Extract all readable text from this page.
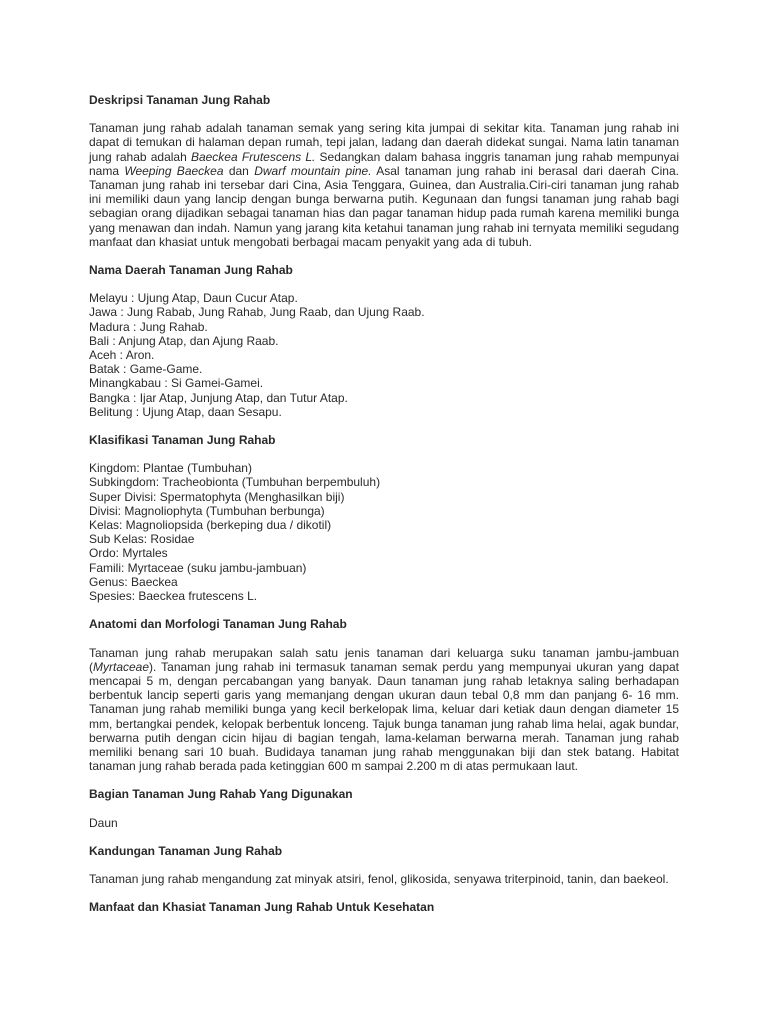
Deskripsi Tanaman Jung Rahab

Tanaman jung rahab adalah tanaman semak yang sering kita jumpai di sekitar kita. Tanaman jung rahab ini dapat di temukan di halaman depan rumah, tepi jalan, ladang dan daerah didekat sungai. Nama latin tanaman jung rahab adalah Baeckea Frutescens L. Sedangkan dalam bahasa inggris tanaman jung rahab mempunyai nama Weeping Baeckea dan Dwarf mountain pine. Asal tanaman jung rahab ini berasal dari daerah Cina. Tanaman jung rahab ini tersebar dari Cina, Asia Tenggara, Guinea, dan Australia.Ciri-ciri tanaman jung rahab ini memiliki daun yang lancip dengan bunga berwarna putih. Kegunaan dan fungsi tanaman jung rahab bagi sebagian orang dijadikan sebagai tanaman hias dan pagar tanaman hidup pada rumah karena memiliki bunga yang menawan dan indah. Namun yang jarang kita ketahui tanaman jung rahab ini ternyata memiliki segudang manfaat dan khasiat untuk mengobati berbagai macam penyakit yang ada di tubuh.

Nama Daerah Tanaman Jung Rahab
Melayu : Ujung Atap, Daun Cucur Atap.
Jawa : Jung Rabab, Jung Rahab, Jung Raab, dan Ujung Raab.
Madura : Jung Rahab.
Bali : Anjung Atap, dan Ajung Raab.
Aceh : Aron.
Batak : Game-Game.
Minangkabau : Si Gamei-Gamei.
Bangka : Ijar Atap, Junjung Atap, dan Tutur Atap.
Belitung : Ujung Atap, daan Sesapu.
Klasifikasi Tanaman Jung Rahab
Kingdom: Plantae (Tumbuhan)
Subkingdom: Tracheobionta (Tumbuhan berpembuluh)
Super Divisi: Spermatophyta (Menghasilkan biji)
Divisi: Magnoliophyta (Tumbuhan berbunga)
Kelas: Magnoliopsida (berkeping dua / dikotil)
Sub Kelas: Rosidae
Ordo: Myrtales
Famili: Myrtaceae (suku jambu-jambuan)
Genus: Baeckea
Spesies: Baeckea frutescens L.
Anatomi dan Morfologi Tanaman Jung Rahab

Tanaman jung rahab merupakan salah satu jenis tanaman dari keluarga suku tanaman jambu-jambuan (Myrtaceae). Tanaman jung rahab ini termasuk tanaman semak perdu yang mempunyai ukuran yang dapat mencapai 5 m, dengan percabangan yang banyak. Daun tanaman jung rahab letaknya saling berhadapan berbentuk lancip seperti garis yang memanjang dengan ukuran daun tebal 0,8 mm dan panjang 6- 16 mm. Tanaman jung rahab memiliki bunga yang kecil berkelopak lima, keluar dari ketiak daun dengan diameter 15 mm, bertangkai pendek, kelopak berbentuk lonceng. Tajuk bunga tanaman jung rahab lima helai, agak bundar, berwarna putih dengan cicin hijau di bagian tengah, lama-kelaman berwarna merah. Tanaman jung rahab memiliki benang sari 10 buah. Budidaya tanaman jung rahab menggunakan biji dan stek batang. Habitat tanaman jung rahab berada pada ketinggian 600 m sampai 2.200 m di atas permukaan laut.

Bagian Tanaman Jung Rahab Yang Digunakan
Daun
Kandungan Tanaman Jung Rahab
Tanaman jung rahab mengandung zat minyak atsiri, fenol, glikosida, senyawa triterpinoid, tanin, dan baekeol.
Manfaat dan Khasiat Tanaman Jung Rahab Untuk Kesehatan
